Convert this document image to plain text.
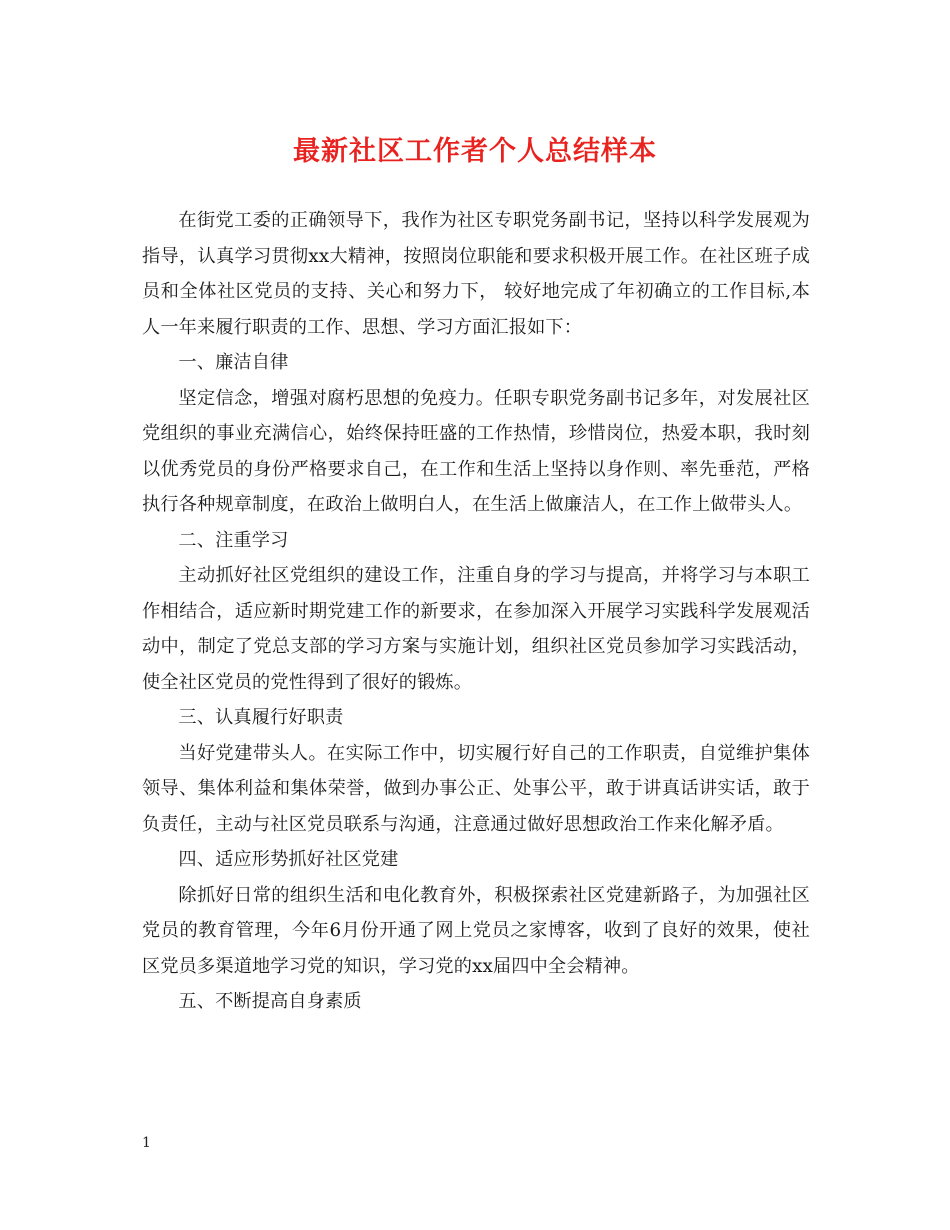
最新社区工作者个人总结样本

在街党工委的正确领导下，我作为社区专职党务副书记，坚持以科学发展观为指导，认真学习贯彻xx大精神，按照岗位职能和要求积极开展工作。在社区班子成员和全体社区党员的支持、关心和努力下， 较好地完成了年初确立的工作目标,本人一年来履行职责的工作、思想、学习方面汇报如下：

一、廉洁自律

坚定信念，增强对腐朽思想的免疫力。任职专职党务副书记多年，对发展社区党组织的事业充满信心，始终保持旺盛的工作热情，珍惜岗位，热爱本职，我时刻以优秀党员的身份严格要求自己，在工作和生活上坚持以身作则、率先垂范，严格执行各种规章制度，在政治上做明白人，在生活上做廉洁人，在工作上做带头人。

二、注重学习

主动抓好社区党组织的建设工作，注重自身的学习与提高，并将学习与本职工作相结合，适应新时期党建工作的新要求，在参加深入开展学习实践科学发展观活动中，制定了党总支部的学习方案与实施计划，组织社区党员参加学习实践活动，使全社区党员的党性得到了很好的锻炼。

三、认真履行好职责

当好党建带头人。在实际工作中，切实履行好自己的工作职责，自觉维护集体领导、集体利益和集体荣誉，做到办事公正、处事公平，敢于讲真话讲实话，敢于负责任，主动与社区党员联系与沟通，注意通过做好思想政治工作来化解矛盾。

四、适应形势抓好社区党建

除抓好日常的组织生活和电化教育外，积极探索社区党建新路子，为加强社区党员的教育管理，今年6月份开通了网上党员之家博客，收到了良好的效果，使社区党员多渠道地学习党的知识，学习党的xx届四中全会精神。

五、不断提高自身素质

1
